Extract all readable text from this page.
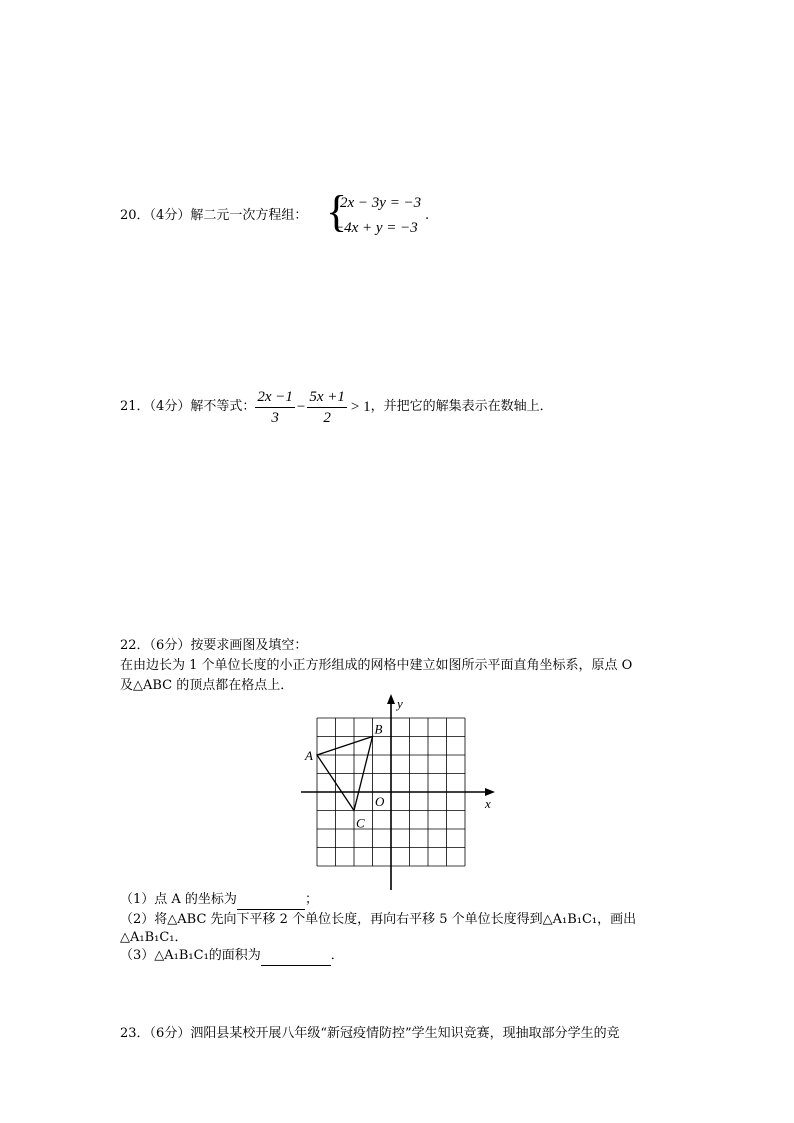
20．（4分）解二元一次方程组： {
2x − 3y = −3
−4x + y = −3
.
21．（4分）解不等式： $\frac{2x -1}{3} - \frac{5x +1}{2} > 1$ ，并把它的解集表示在数轴上．
22．（6分）按要求画图及填空：
在由边长为 1 个单位长度的小正方形组成的网格中建立如图所示平面直角坐标系，原点 O
及△ABC 的顶点都在格点上．
A
B
C
O	x
y
（1）点 A 的坐标为	；
（2）将△ABC 先向下平移 2 个单位长度，再向右平移 5 个单位长度得到△A₁B₁C₁，画出
△A₁B₁C₁．
（3）△A₁B₁C₁的面积为	．
23．（6分）泗阳县某校开展八年级“新冠疫情防控”学生知识竞赛，现抽取部分学生的竞
